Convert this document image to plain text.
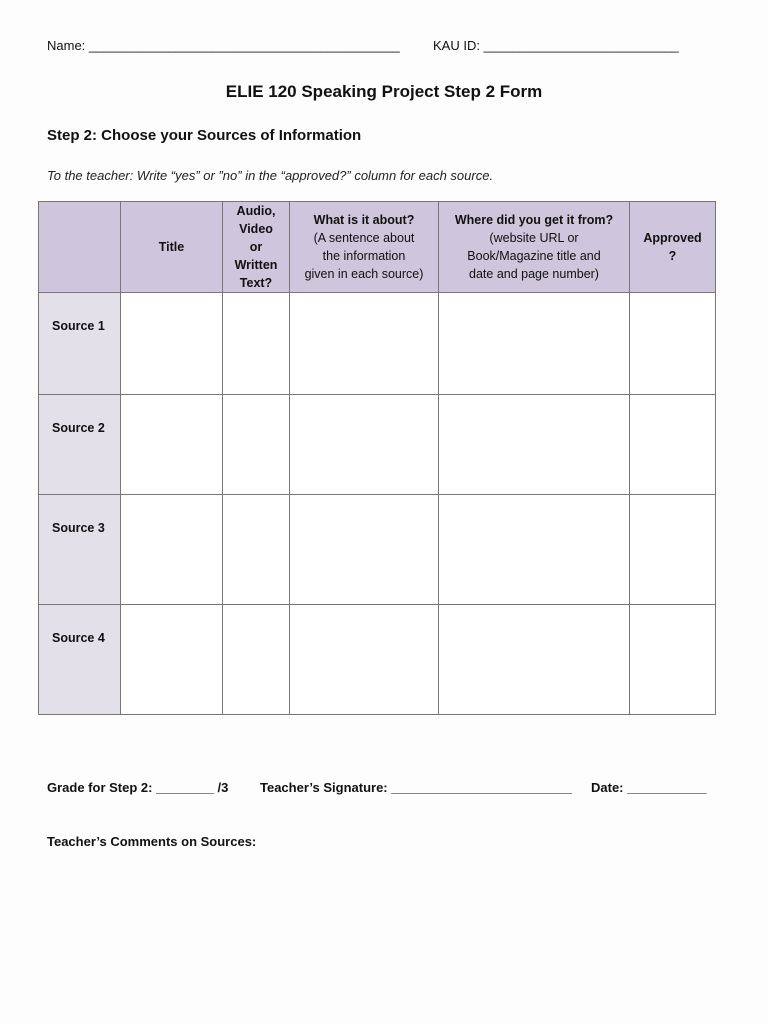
Name: ___________________________________________	KAU ID: ___________________________
ELIE 120 Speaking Project Step 2 Form
Step 2: Choose your Sources of Information
To the teacher: Write “yes” or ”no” in the “approved?” column for each source.

	Title	Audio,
Video
or
Written
Text?	What is it about?
(A sentence about
the information
given in each source)	Where did you get it from?
(website URL or
Book/Magazine title and
date and page number)	Approved
?

Source 1					

Source 2					

Source 3					

Source 4					

Grade for Step 2: ________ /3 Teacher’s Signature: _________________________ Date: ___________
Teacher’s Comments on Sources:
